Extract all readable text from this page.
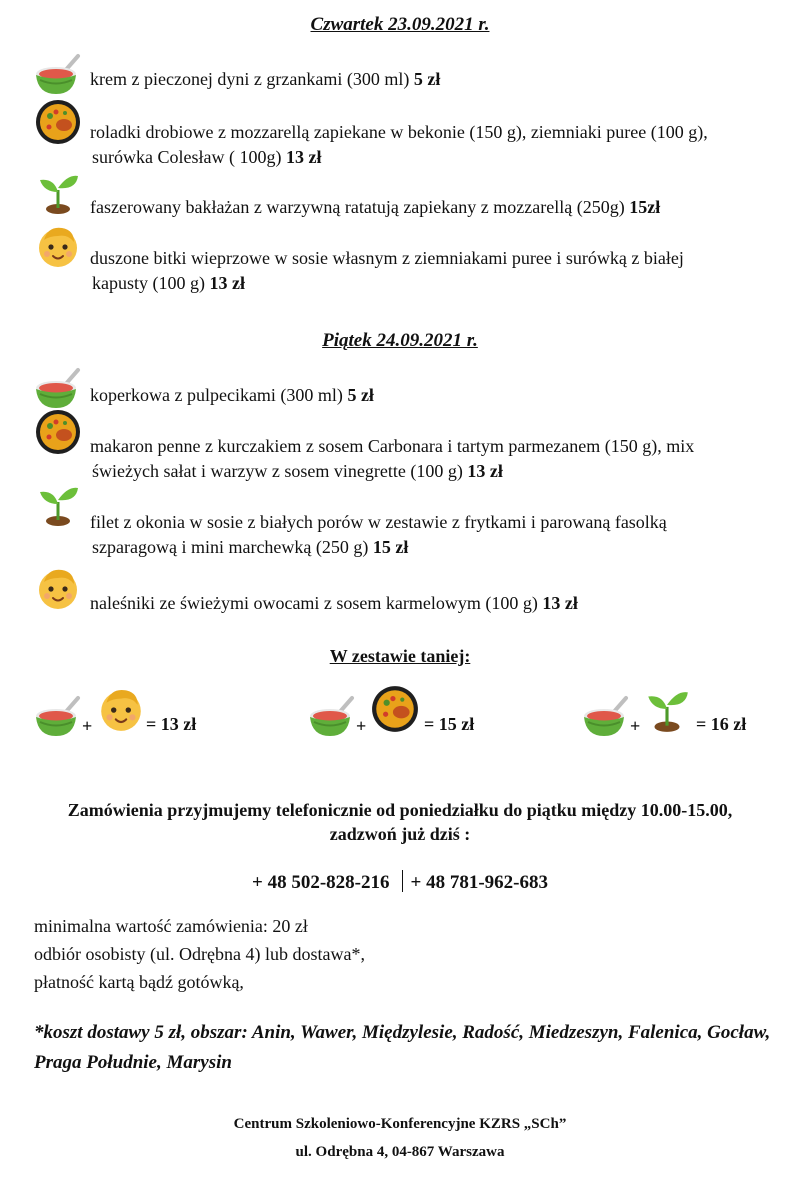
Czwartek 23.09.2021 r.
krem z pieczonej dyni z grzankami (300 ml) 5 zł
roladki drobiowe z mozzarellą zapiekane w bekonie (150 g), ziemniaki puree (100 g),
surówka Colesław ( 100g) 13 zł
faszerowany bakłażan z warzywną ratatują zapiekany z mozzarellą (250g) 15zł
duszone bitki wieprzowe w sosie własnym z ziemniakami puree i surówką z białej
kapusty (100 g) 13 zł
Piątek 24.09.2021 r.
koperkowa z pulpecikami (300 ml) 5 zł
makaron penne z kurczakiem z sosem Carbonara i tartym parmezanem (150 g), mix
świeżych sałat i warzyw z sosem vinegrette (100 g) 13 zł
filet z okonia w sosie z białych porów w zestawie z frytkami i parowaną fasolką
szparagową i mini marchewką (250 g) 15 zł
naleśniki ze świeżymi owocami z sosem karmelowym (100 g) 13 zł
W zestawie taniej:
+	= 13 zł	+	= 15 zł	+	= 16 zł
Zamówienia przyjmujemy telefonicznie od poniedziałku do piątku między 10.00-15.00,
zadzwoń już dziś :
+ 48 502-828-216 + 48 781-962-683
minimalna wartość zamówienia: 20 zł
odbiór osobisty (ul. Odrębna 4) lub dostawa*,
płatność kartą bądź gotówką,
*koszt dostawy 5 zł, obszar: Anin, Wawer, Międzylesie, Radość, Miedzeszyn, Falenica, Gocław, Praga Południe, Marysin
Centrum Szkoleniowo-Konferencyjne KZRS „SCh”
ul. Odrębna 4, 04-867 Warszawa
